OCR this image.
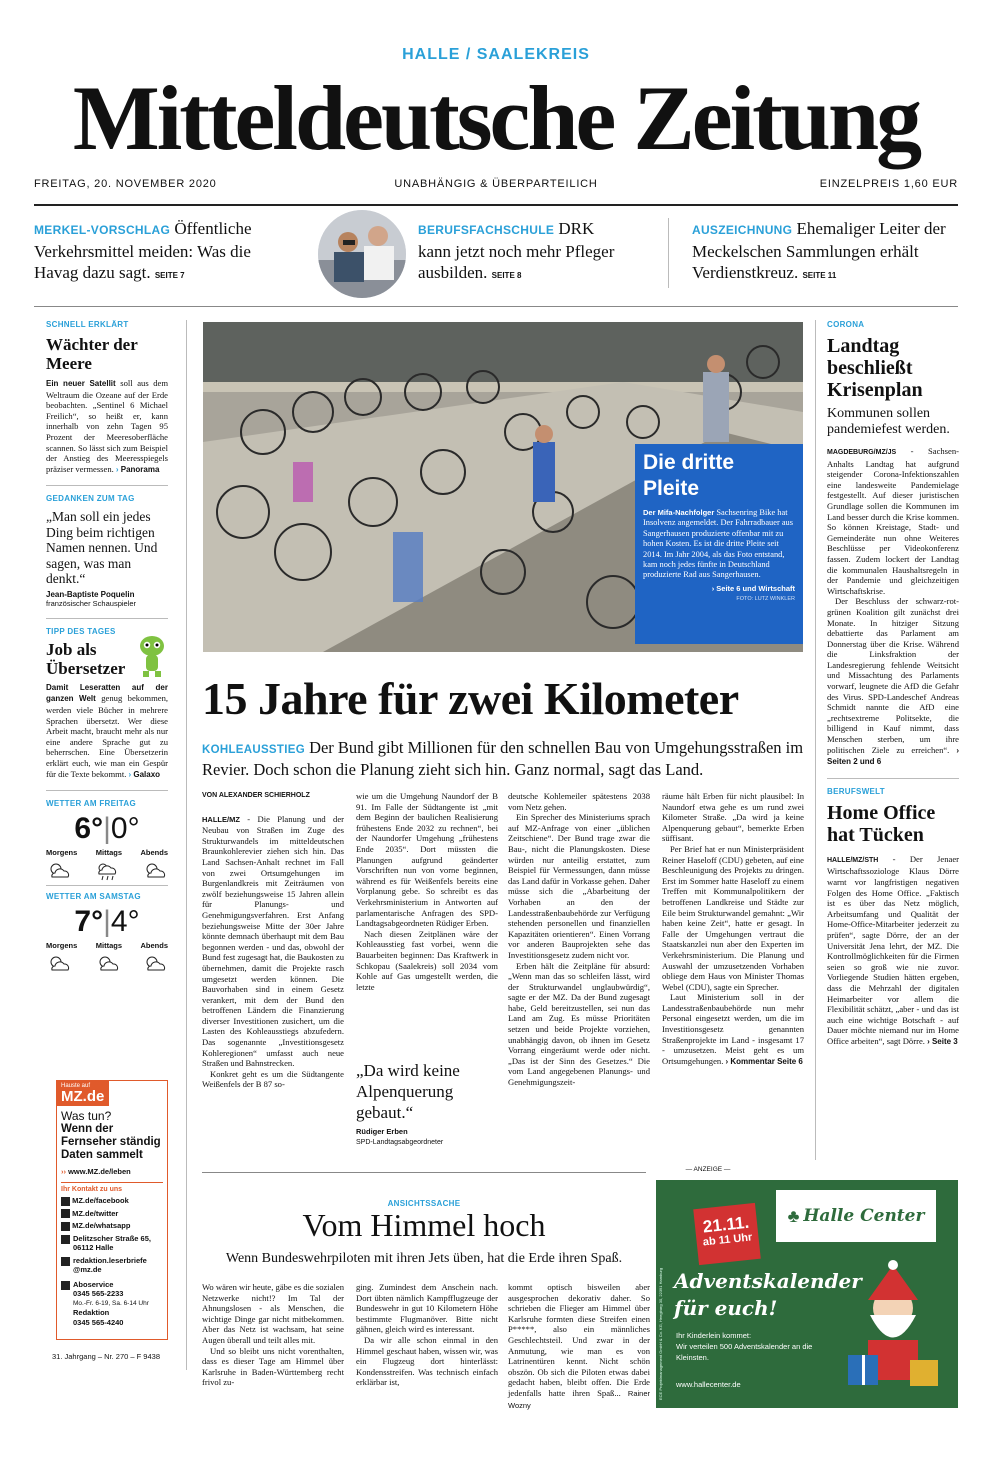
HALLE / SAALEKREIS
Mitteldeutsche Zeitung
FREITAG, 20. NOVEMBER 2020	UNABHÄNGIG & ÜBERPARTEILICH	EINZELPREIS 1,60 EUR
MERKEL-VORSCHLAG Öffentliche Verkehrsmittel meiden: Was die Havag dazu sagt. SEITE 7
BERUFSFACHSCHULE DRK kann jetzt noch mehr Pfleger ausbilden. SEITE 8
AUSZEICHNUNG Ehemaliger Leiter der Meckelschen Sammlungen erhält Verdienstkreuz. SEITE 11
SCHNELL ERKLÄRT
Wächter der Meere
Ein neuer Satellit soll aus dem Weltraum die Ozeane auf der Erde beobachten. „Sentinel 6 Michael Freilich“, so heißt er, kann innerhalb von zehn Tagen 95 Prozent der Meeresoberfläche scannen. So lässt sich zum Beispiel der Anstieg des Meeresspiegels präziser vermessen. › Panorama
GEDANKEN ZUM TAG
„Man soll ein jedes Ding beim richtigen Namen nennen. Und sagen, was man denkt.“
Jean-Baptiste Poquelin
französischer Schauspieler
TIPP DES TAGES
Job als Übersetzer
Damit Leseratten auf der ganzen Welt genug bekommen, werden viele Bücher in mehrere Sprachen übersetzt. Wer diese Arbeit macht, braucht mehr als nur eine andere Sprache gut zu beherrschen. Eine Übersetzerin erklärt euch, wie man ein Gespür für die Texte bekommt. › Galaxo
WETTER AM FREITAG
6°|0°
Morgens Mittags Abends
WETTER AM SAMSTAG
7°|4°
Morgens Mittags Abends
Hauste auf
MZ.de
Was tun?
Wenn der Fernseher ständig Daten sammelt
›› www.MZ.de/leben
Ihr Kontakt zu uns
MZ.de/facebook
MZ.de/twitter
MZ.de/whatsapp
Delitzscher Straße 65, 06112 Halle
redaktion.leserbriefe @mz.de
Aboservice
0345 565-2233
Mo.-Fr. 6-19, Sa. 6-14 Uhr
Redaktion
0345 565-4240
31. Jahrgang – Nr. 270 – F 9438
Die dritte Pleite
Der Mifa-Nachfolger Sachsenring Bike hat Insolvenz angemeldet. Der Fahrradbauer aus Sangerhausen produzierte offenbar mit zu hohen Kosten. Es ist die dritte Pleite seit 2014. Im Jahr 2004, als das Foto entstand, kam noch jedes fünfte in Deutschland produzierte Rad aus Sangerhausen.
› Seite 6 und Wirtschaft
FOTO: LUTZ WINKLER
15 Jahre für zwei Kilometer
KOHLEAUSSTIEG Der Bund gibt Millionen für den schnellen Bau von Umgehungsstraßen im Revier. Doch schon die Planung zieht sich hin. Ganz normal, sagt das Land.
VON ALEXANDER SCHIERHOLZ

HALLE/MZ - Die Planung und der Neubau von Straßen im Zuge des Strukturwandels im mitteldeutschen Braunkohlerevier ziehen sich hin. Das Land Sachsen-Anhalt rechnet im Fall von zwei Ortsumgehungen im Burgenlandkreis mit Zeiträumen von zwölf beziehungsweise 15 Jahren allein für Planungs- und Genehmigungsverfahren. Erst Anfang beziehungsweise Mitte der 30er Jahre könnte demnach überhaupt mit dem Bau begonnen werden - und das, obwohl der Bund fest zugesagt hat, die Baukosten zu übernehmen, damit die Projekte rasch umgesetzt werden können. Die Bauvorhaben sind in einem Gesetz verankert, mit dem der Bund den betroffenen Ländern die Finanzierung diverser Investitionen zusichert, um die Lasten des Kohleausstiegs abzufedern. Das sogenannte „Investitionsgesetz Kohleregionen“ umfasst auch neue Straßen und Bahnstrecken.

Konkret geht es um die Südtangente Weißenfels der B 87 so-

wie um die Umgehung Naundorf der B 91. Im Falle der Südtangente ist „mit dem Beginn der baulichen Realisierung frühestens Ende 2032 zu rechnen“, bei der Naundorfer Umgehung „frühestens Ende 2035“. Dort müssten die Planungen aufgrund geänderter Vorschriften nun von vorne beginnen, während es für Weißenfels bereits eine Vorplanung gebe. So schreibt es das Verkehrsministerium in Antworten auf parlamentarische Anfragen des SPD-Landtagsabgeordneten Rüdiger Erben.

Nach diesen Zeitplänen wäre der Kohleausstieg fast vorbei, wenn die Bauarbeiten beginnen: Das Kraftwerk in Schkopau (Saalekreis) soll 2034 vom Kohle auf Gas umgestellt werden, die letzte

„Da wird keine Alpenquerung gebaut.“
Rüdiger Erben
SPD-Landtagsabgeordneter

deutsche Kohlemeiler spätestens 2038 vom Netz gehen.

Ein Sprecher des Ministeriums sprach auf MZ-Anfrage von einer „üblichen Zeitschiene“. Der Bund trage zwar die Bau-, nicht die Planungskosten. Diese würden nur anteilig erstattet, zum Beispiel für Vermessungen, dann müsse das Land dafür in Vorkasse gehen. Daher müsse sich die „Abarbeitung der Vorhaben an den der Landesstraßenbaubehörde zur Verfügung stehenden personellen und finanziellen Kapazitäten orientieren“. Einen Vorrang vor anderen Bauprojekten sehe das Investitionsgesetz zudem nicht vor.

Erben hält die Zeitpläne für absurd: „Wenn man das so schleifen lässt, wird der Strukturwandel unglaubwürdig“, sagte er der MZ. Da der Bund zugesagt habe, Geld bereitzustellen, sei nun das Land am Zug. Es müsse Prioritäten setzen und beide Projekte vorziehen, unabhängig davon, ob ihnen im Gesetz Vorrang eingeräumt werde oder nicht. „Das ist der Sinn des Gesetzes.“ Die vom Land angegebenen Planungs- und Genehmigungszeit-

räume hält Erben für nicht plausibel: In Naundorf etwa gehe es um rund zwei Kilometer Straße. „Da wird ja keine Alpenquerung gebaut“, bemerkte Erben süffisant.

Per Brief hat er nun Ministerpräsident Reiner Haseloff (CDU) gebeten, auf eine Beschleunigung des Projekts zu dringen. Erst im Sommer hatte Haseloff zu einem Treffen mit Kommunalpolitikern der betroffenen Landkreise und Städte zur Eile beim Strukturwandel gemahnt: „Wir haben keine Zeit“, hatte er gesagt. In Falle der Umgehungen vertraut die Staatskanzlei nun aber den Experten im Verkehrsministerium. Die Planung und Auswahl der umzusetzenden Vorhaben obliege dem Haus von Minister Thomas Webel (CDU), sagte ein Sprecher.

Laut Ministerium soll in der Landesstraßenbaubehörde nun mehr Personal eingesetzt werden, um die im Investitionsgesetz genannten Straßenprojekte im Land - insgesamt 17 - umzusetzen. Meist geht es um Ortsumgehungen. › Kommentar Seite 6

CORONA
Landtag beschließt Krisenplan
Kommunen sollen pandemiefest werden.
MAGDEBURG/MZ/JS - Sachsen-Anhalts Landtag hat aufgrund steigender Corona-Infektionszahlen eine landesweite Pandemielage festgestellt. Auf dieser juristischen Grundlage sollen die Kommunen im Land besser durch die Krise kommen. So können Kreistage, Stadt- und Gemeinderäte nun ohne Weiteres Beschlüsse per Videokonferenz fassen. Zudem lockert der Landtag die kommunalen Haushaltsregeln in der Pandemie und gleichzeitigen Wirtschaftskrise.
Der Beschluss der schwarz-rot-grünen Koalition gilt zunächst drei Monate. In hitziger Sitzung debattierte das Parlament am Donnerstag über die Krise. Während die Linksfraktion der Landesregierung fehlende Weitsicht und Missachtung des Parlaments vorwarf, leugnete die AfD die Gefahr des Virus. SPD-Landeschef Andreas Schmidt nannte die AfD eine „rechtsextreme Politsekte, die billigend in Kauf nimmt, dass Menschen sterben, um ihre politischen Ziele zu erreichen“. › Seiten 2 und 6
BERUFSWELT
Home Office hat Tücken
HALLE/MZ/STH - Der Jenaer Wirtschaftssoziologe Klaus Dörre warnt vor langfristigen negativen Folgen des Home Office. „Faktisch ist es über das Netz möglich, Arbeitsumfang und Qualität der Home-Office-Mitarbeiter jederzeit zu prüfen“, sagte Dörre, der an der Universität Jena lehrt, der MZ. Die Kontrollmöglichkeiten für die Firmen seien so groß wie nie zuvor. Vorliegende Studien hätten ergeben, dass die Mehrzahl der digitalen Heimarbeiter vor allem die Flexibilität schätzt, „aber - und das ist auch eine wichtige Botschaft - auf Dauer möchte niemand nur im Home Office arbeiten“, sagt Dörre. › Seite 3
ANSICHTSSACHE
Vom Himmel hoch
Wenn Bundeswehrpiloten mit ihren Jets üben, hat die Erde ihren Spaß.

Wo wären wir heute, gäbe es die sozialen Netzwerke nicht!? Im Tal der Ahnungslosen - als Menschen, die wichtige Dinge gar nicht mitbekommen. Aber das Netz ist wachsam, hat seine Augen überall und teilt alles mit.

Und so bleibt uns nicht vorenthalten, dass es dieser Tage am Himmel über Karlsruhe in Baden-Württemberg recht frivol zu-

ging. Zumindest dem Anschein nach. Dort übten nämlich Kampfflugzeuge der Bundeswehr in gut 10 Kilometern Höhe bestimmte Flugmanöver. Bitte nicht gähnen, gleich wird es interessant.

Da wir alle schon einmal in den Himmel geschaut haben, wissen wir, was ein Flugzeug dort hinterlässt: Kondensstreifen. Was technisch einfach erklärbar ist,

kommt optisch bisweilen aber ausgesprochen dekorativ daher. So schrieben die Flieger am Himmel über Karlsruhe formten diese Streifen einen P*****, also ein männliches Geschlechtsteil. Und zwar in der Anmutung, wie man es von Latrinentüren kennt. Nicht schön obszön. Ob sich die Piloten etwas dabei gedacht haben, bleibt offen. Die Erde jedenfalls hatte ihren Spaß... Rainer Wozny

— ANZEIGE —
ECE Projektmanagement GmbH & Co. KG, Heegbarg 30, 22391 Hamburg
21.11.
ab 11 Uhr
♣ Halle Center
Adventskalender für euch!
Ihr Kinderlein kommet:
Wir verteilen 500 Adventskalender an die Kleinsten.
www.hallecenter.de
